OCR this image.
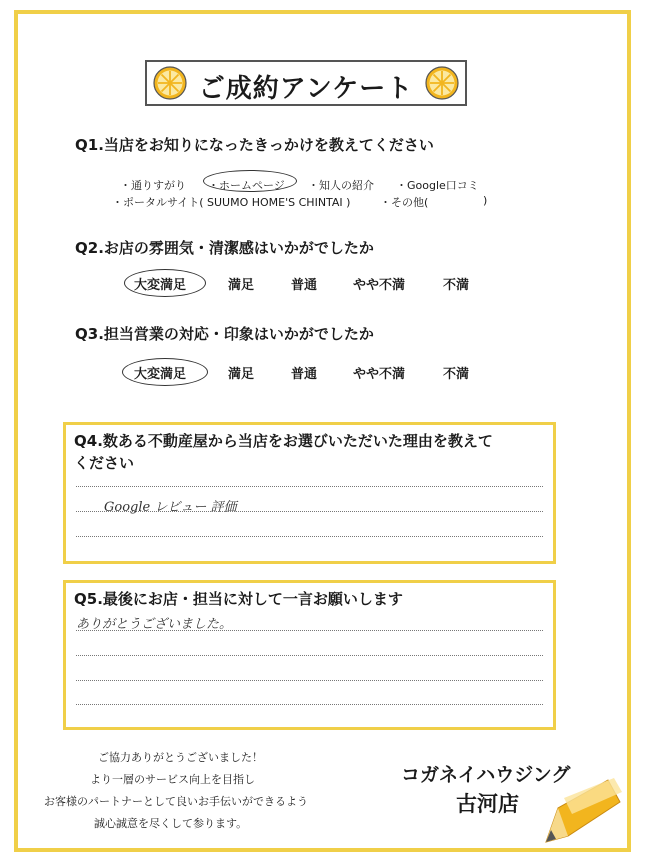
ご成約アンケート
Q1.当店をお知りになったきっかけを教えてください
・通りすがり ・ホームページ ・知人の紹介 ・Google口コミ
・ポータルサイト( SUUMO HOME'S CHINTAI )	・その他(	)
Q2.お店の雰囲気・清潔感はいかがでしたか
大変満足	満足	普通	やや不満	不満
Q3.担当営業の対応・印象はいかがでしたか
大変満足	満足	普通	やや不満	不満
Q4.数ある不動産屋から当店をお選びいただいた理由を教えて
ください
Google レビュー 評価
Q5.最後にお店・担当に対して一言お願いします
ありがとうございました。
ご協力ありがとうございました！
より一層のサービス向上を目指し
お客様のパートナーとして良いお手伝いができるよう
誠心誠意を尽くして参ります。
コガネイハウジング
古河店
